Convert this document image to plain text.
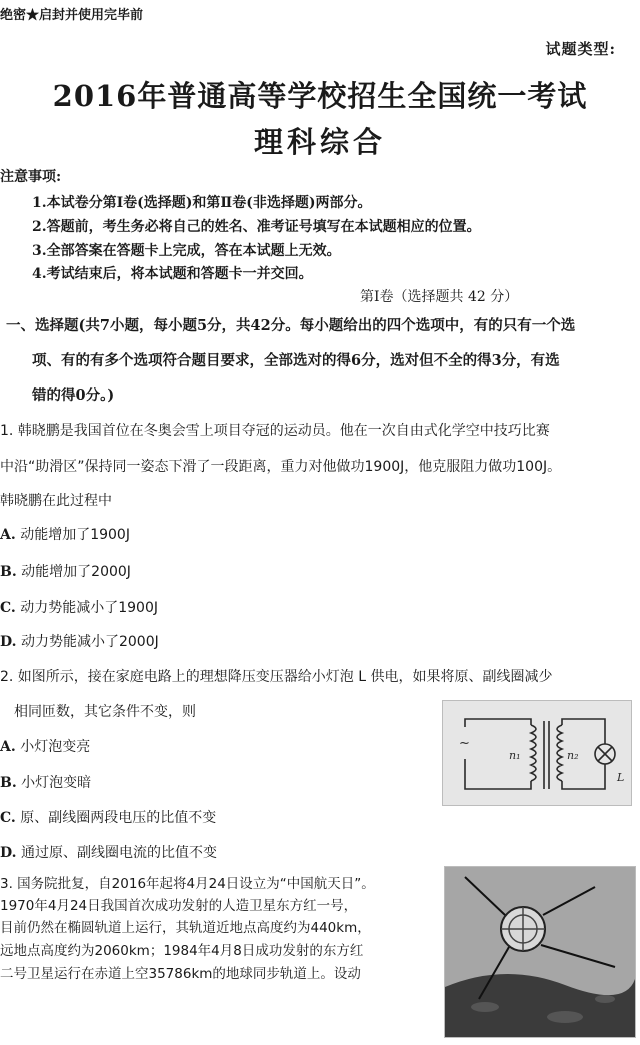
绝密★启封并使用完毕前
试题类型:
2016年普通高等学校招生全国统一考试
理科综合
注意事项:
1.本试卷分第Ⅰ卷(选择题)和第Ⅱ卷(非选择题)两部分。
2.答题前，考生务必将自己的姓名、准考证号填写在本试题相应的位置。
3.全部答案在答题卡上完成，答在本试题上无效。
4.考试结束后，将本试题和答题卡一并交回。
第Ⅰ卷（选择题共 42 分）
一、选择题(共7小题，每小题5分，共42分。每小题给出的四个选项中，有的只有一个选
项、有的有多个选项符合题目要求，全部选对的得6分，选对但不全的得3分，有选
错的得0分。)
1. 韩晓鹏是我国首位在冬奥会雪上项目夺冠的运动员。他在一次自由式化学空中技巧比赛
中沿“助滑区”保持同一姿态下滑了一段距离，重力对他做功1900J，他克服阻力做功100J。
韩晓鹏在此过程中
A. 动能增加了1900J
B. 动能增加了2000J
C. 动力势能减小了1900J
D. 动力势能减小了2000J
2. 如图所示，接在家庭电路上的理想降压变压器给小灯泡 L 供电，如果将原、副线圈减少
相同匝数，其它条件不变，则
A. 小灯泡变亮
B. 小灯泡变暗
C. 原、副线圈两段电压的比值不变
D. 通过原、副线圈电流的比值不变
~
n₁	n₂
L
3. 国务院批复，自2016年起将4月24日设立为“中国航天日”。
1970年4月24日我国首次成功发射的人造卫星东方红一号，
目前仍然在椭圆轨道上运行，其轨道近地点高度约为440km，
远地点高度约为2060km；1984年4月8日成功发射的东方红
二号卫星运行在赤道上空35786km的地球同步轨道上。设动
